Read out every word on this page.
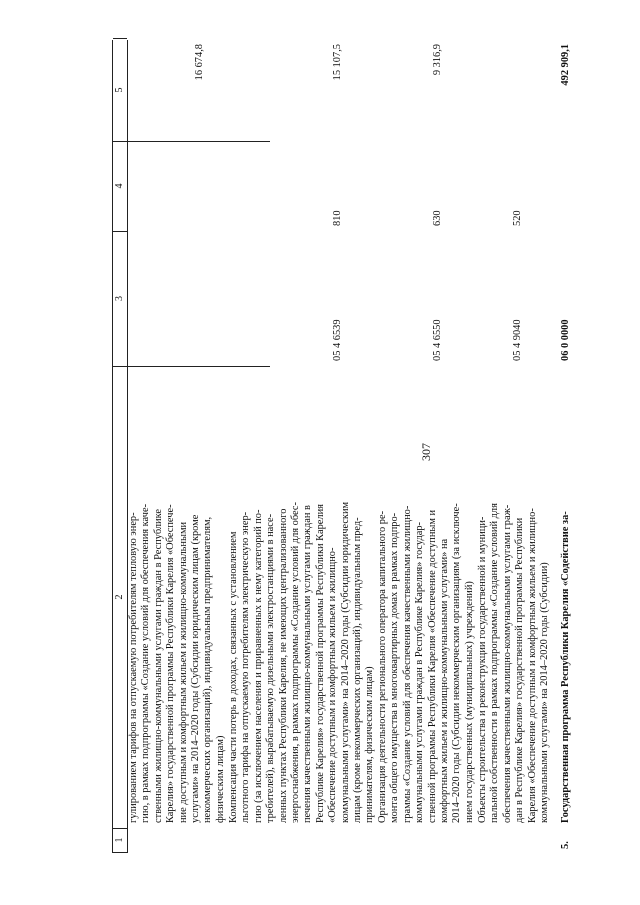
307
1
2
3
4
5
гулированием тарифов на отпускаемую потребителям тепловую энер- гию, в рамках подпрограммы «Создание условий для обеспечения каче- ственными жилищно-коммунальными услугами граждан в Республике Карелия» государственной программы Республики Карелия «Обеспече- ние доступным и комфортным жильем и жилищно-коммунальными услугами» на 2014–2020 годы (Субсидии юридическим лицам (кроме некоммерческих организаций), индивидуальным предпринимателям, физическим лицам)
16 674,8
Компенсация части потерь в доходах, связанных с установлением льготного тарифа на отпускаемую потребителям электрическую энер- гию (за исключением населения и приравненных к нему категорий по- требителей), вырабатываемую дизельными электростанциями в насе- ленных пунктах Республики Карелия, не имеющих централизованного энергоснабжения, в рамках подпрограммы «Создание условий для обес- печения качественными жилищно-коммунальными услугами граждан в Республике Карелия» государственной программы Республики Карелия «Обеспечение доступным и комфортным жильем и жилищно- коммунальными услугами» на 2014–2020 годы (Субсидии юридическим лицам (кроме некоммерческих организаций), индивидуальным пред- принимателям, физическим лицам)
05 4 6539
810
15 107,5
Организация деятельности регионального оператора капитального ре- монта общего имущества в многоквартирных домах в рамках подпро- граммы «Создание условий для обеспечения качественными жилищно- коммунальными услугами граждан в Республике Карелия» государ- ственной программы Республики Карелия «Обеспечение доступным и комфортным жильем и жилищно-коммунальными услугами» на 2014–2020 годы (Субсидии некоммерческим организациям (за исключе- нием государственных (муниципальных) учреждений)
05 4 6550
630
9 316,9
Объекты строительства и реконструкции государственной и муници- пальной собственности в рамках подпрограммы «Создание условий для обеспечения качественными жилищно-коммунальными услугами граж- дан в Республике Карелия» государственной программы Республики Карелия «Обеспечение доступным и комфортным жильем и жилищно- коммунальными услугами» на 2014–2020 годы (Субсидии)
05 4 9040
520
492 909,1
5.
Государственная программа Республики Карелия «Содействие за-
06 0 0000
